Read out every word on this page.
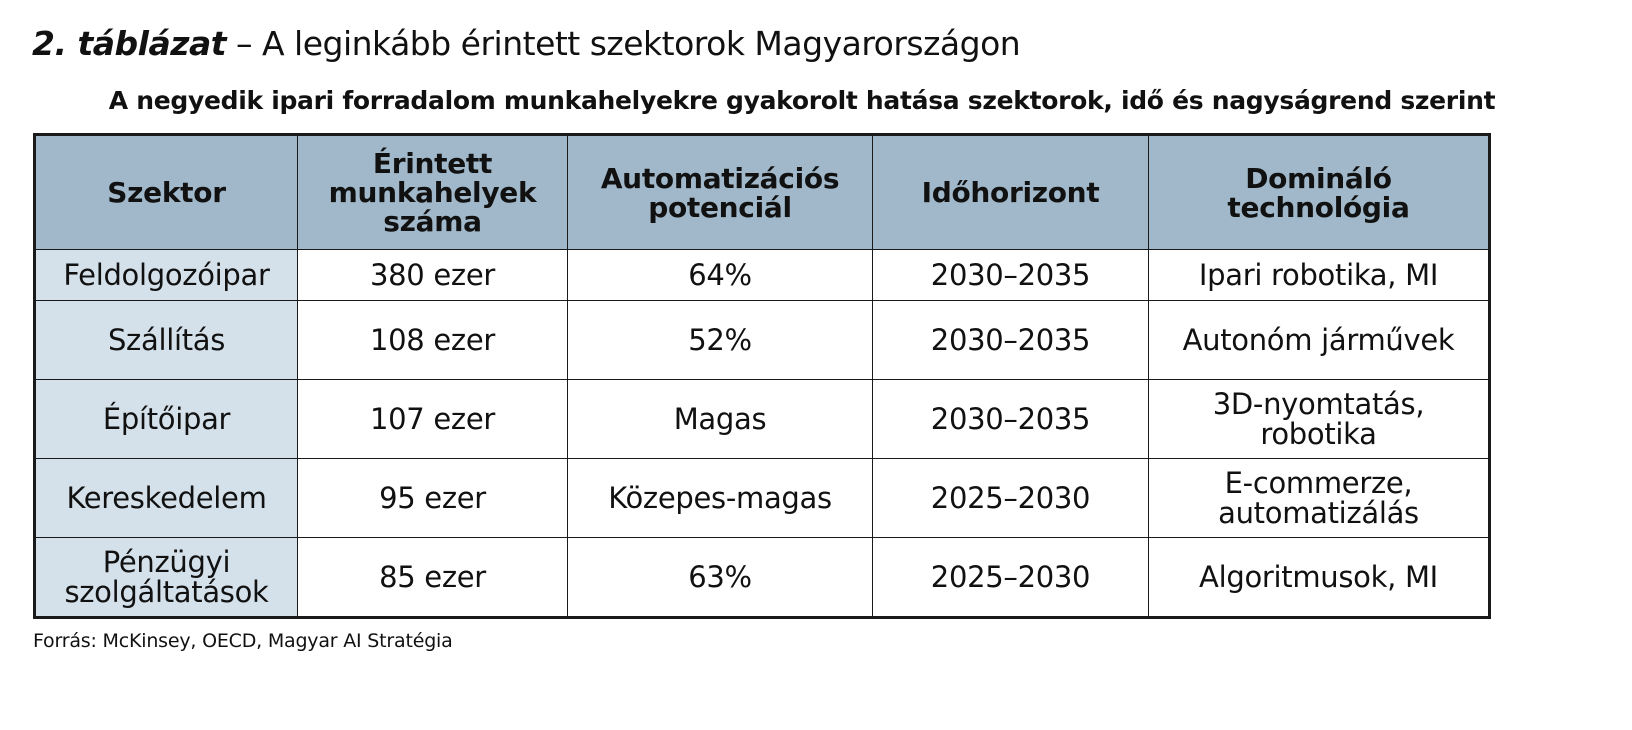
2. táblázat – A leginkább érintett szektorok Magyarországon
A negyedik ipari forradalom munkahelyekre gyakorolt hatása szektorok, idő és nagyságrend szerint
Szektor	Érintett munkahelyek száma	Automatizációs potenciál	Időhorizont	Domináló technológia
Feldolgozóipar	380 ezer	64%	2030–2035	Ipari robotika, MI
Szállítás	108 ezer	52%	2030–2035	Autonóm járművek
Építőipar	107 ezer	Magas	2030–2035	3D-nyomtatás, robotika
Kereskedelem	95 ezer	Közepes-magas	2025–2030	E-commerze, automatizálás
Pénzügyi szolgáltatások	85 ezer	63%	2025–2030	Algoritmusok, MI
Forrás: McKinsey, OECD, Magyar AI Stratégia
